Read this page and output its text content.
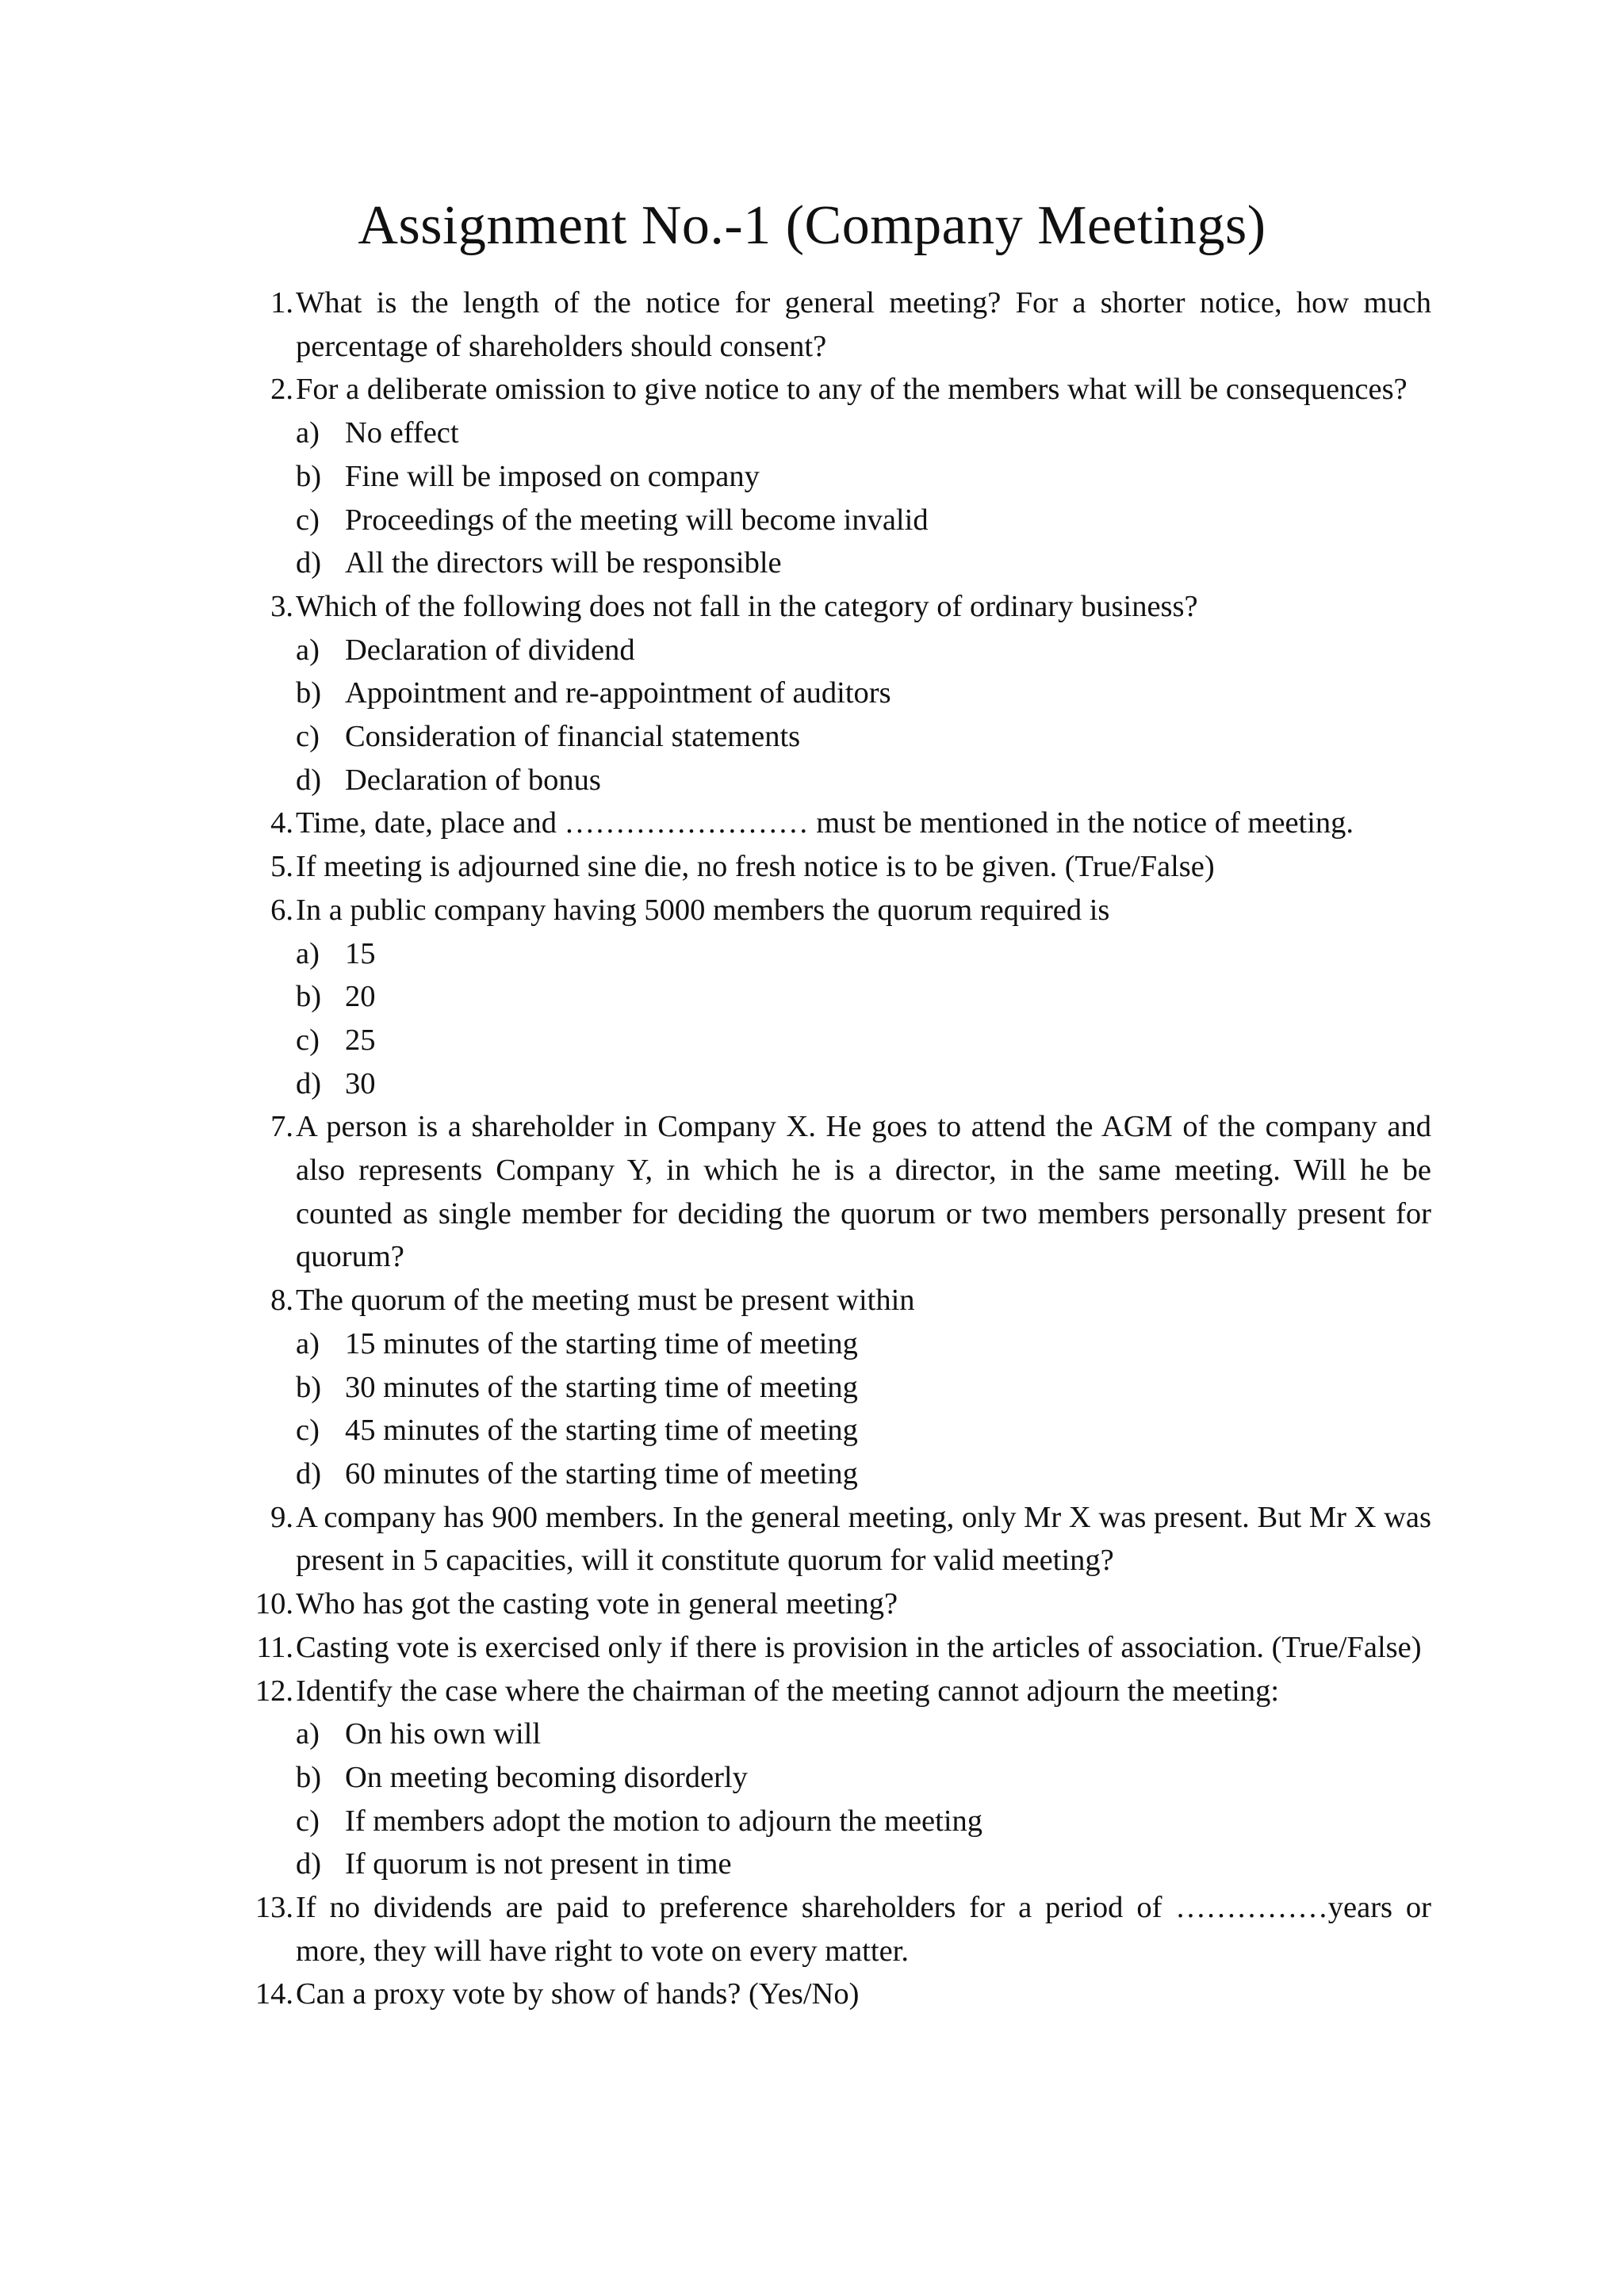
Assignment No.-1 (Company Meetings)
1. What is the length of the notice for general meeting? For a shorter notice, how much percentage of shareholders should consent?
2. For a deliberate omission to give notice to any of the members what will be consequences?
a) No effect
b) Fine will be imposed on company
c) Proceedings of the meeting will become invalid
d) All the directors will be responsible
3. Which of the following does not fall in the category of ordinary business?
a) Declaration of dividend
b) Appointment and re-appointment of auditors
c) Consideration of financial statements
d) Declaration of bonus
4. Time, date, place and …………………… must be mentioned in the notice of meeting.
5. If meeting is adjourned sine die, no fresh notice is to be given. (True/False)
6. In a public company having 5000 members the quorum required is
a) 15
b) 20
c) 25
d) 30
7. A person is a shareholder in Company X. He goes to attend the AGM of the company and also represents Company Y, in which he is a director, in the same meeting. Will he be counted as single member for deciding the quorum or two members personally present for quorum?
8. The quorum of the meeting must be present within
a) 15 minutes of the starting time of meeting
b) 30 minutes of the starting time of meeting
c) 45 minutes of the starting time of meeting
d) 60 minutes of the starting time of meeting
9. A company has 900 members. In the general meeting, only Mr X was present. But Mr X was present in 5 capacities, will it constitute quorum for valid meeting?
10. Who has got the casting vote in general meeting?
11. Casting vote is exercised only if there is provision in the articles of association. (True/False)
12. Identify the case where the chairman of the meeting cannot adjourn the meeting:
a) On his own will
b) On meeting becoming disorderly
c) If members adopt the motion to adjourn the meeting
d) If quorum is not present in time
13. If no dividends are paid to preference shareholders for a period of ……………years or more, they will have right to vote on every matter.
14. Can a proxy vote by show of hands? (Yes/No)
